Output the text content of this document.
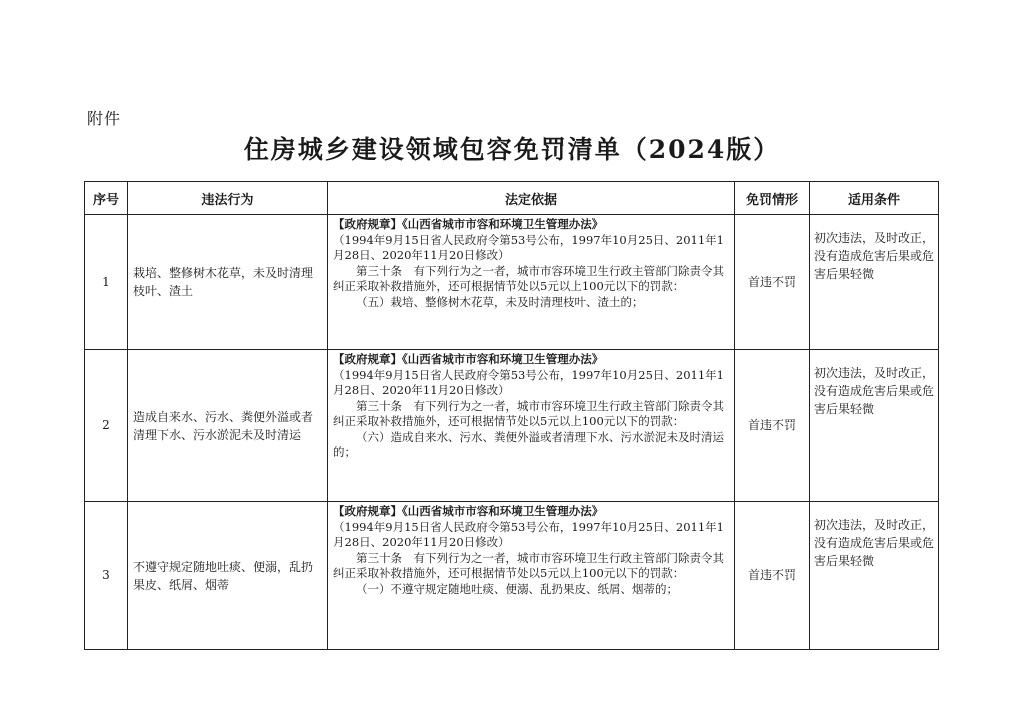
附件
住房城乡建设领域包容免罚清单（2024版）
序号	违法行为	法定依据	免罚情形	适用条件
1	栽培、整修树木花草，未及时清理枝叶、渣土	【政府规章】《山西省城市市容和环境卫生管理办法》

（1994年9月15日省人民政府令第53号公布，1997年10月25日、2011年1月28日、2020年11月20日修改）

第三十条　有下列行为之一者，城市市容环境卫生行政主管部门除责令其纠正采取补救措施外，还可根据情节处以5元以上100元以下的罚款：

（五）栽培、整修树木花草，未及时清理枝叶、渣土的；	首违不罚	初次违法，及时改正，没有造成危害后果或危害后果轻微
2	造成自来水、污水、粪便外溢或者清理下水、污水淤泥未及时清运	【政府规章】《山西省城市市容和环境卫生管理办法》

（1994年9月15日省人民政府令第53号公布，1997年10月25日、2011年1月28日、2020年11月20日修改）

第三十条　有下列行为之一者，城市市容环境卫生行政主管部门除责令其纠正采取补救措施外，还可根据情节处以5元以上100元以下的罚款：

（六）造成自来水、污水、粪便外溢或者清理下水、污水淤泥未及时清运的；	首违不罚	初次违法，及时改正，没有造成危害后果或危害后果轻微
3	不遵守规定随地吐痰、便溺，乱扔果皮、纸屑、烟蒂	【政府规章】《山西省城市市容和环境卫生管理办法》

（1994年9月15日省人民政府令第53号公布，1997年10月25日、2011年1月28日、2020年11月20日修改）

第三十条　有下列行为之一者，城市市容环境卫生行政主管部门除责令其纠正采取补救措施外，还可根据情节处以5元以上100元以下的罚款：

（一）不遵守规定随地吐痰、便溺、乱扔果皮、纸屑、烟蒂的；	首违不罚	初次违法，及时改正，没有造成危害后果或危害后果轻微
